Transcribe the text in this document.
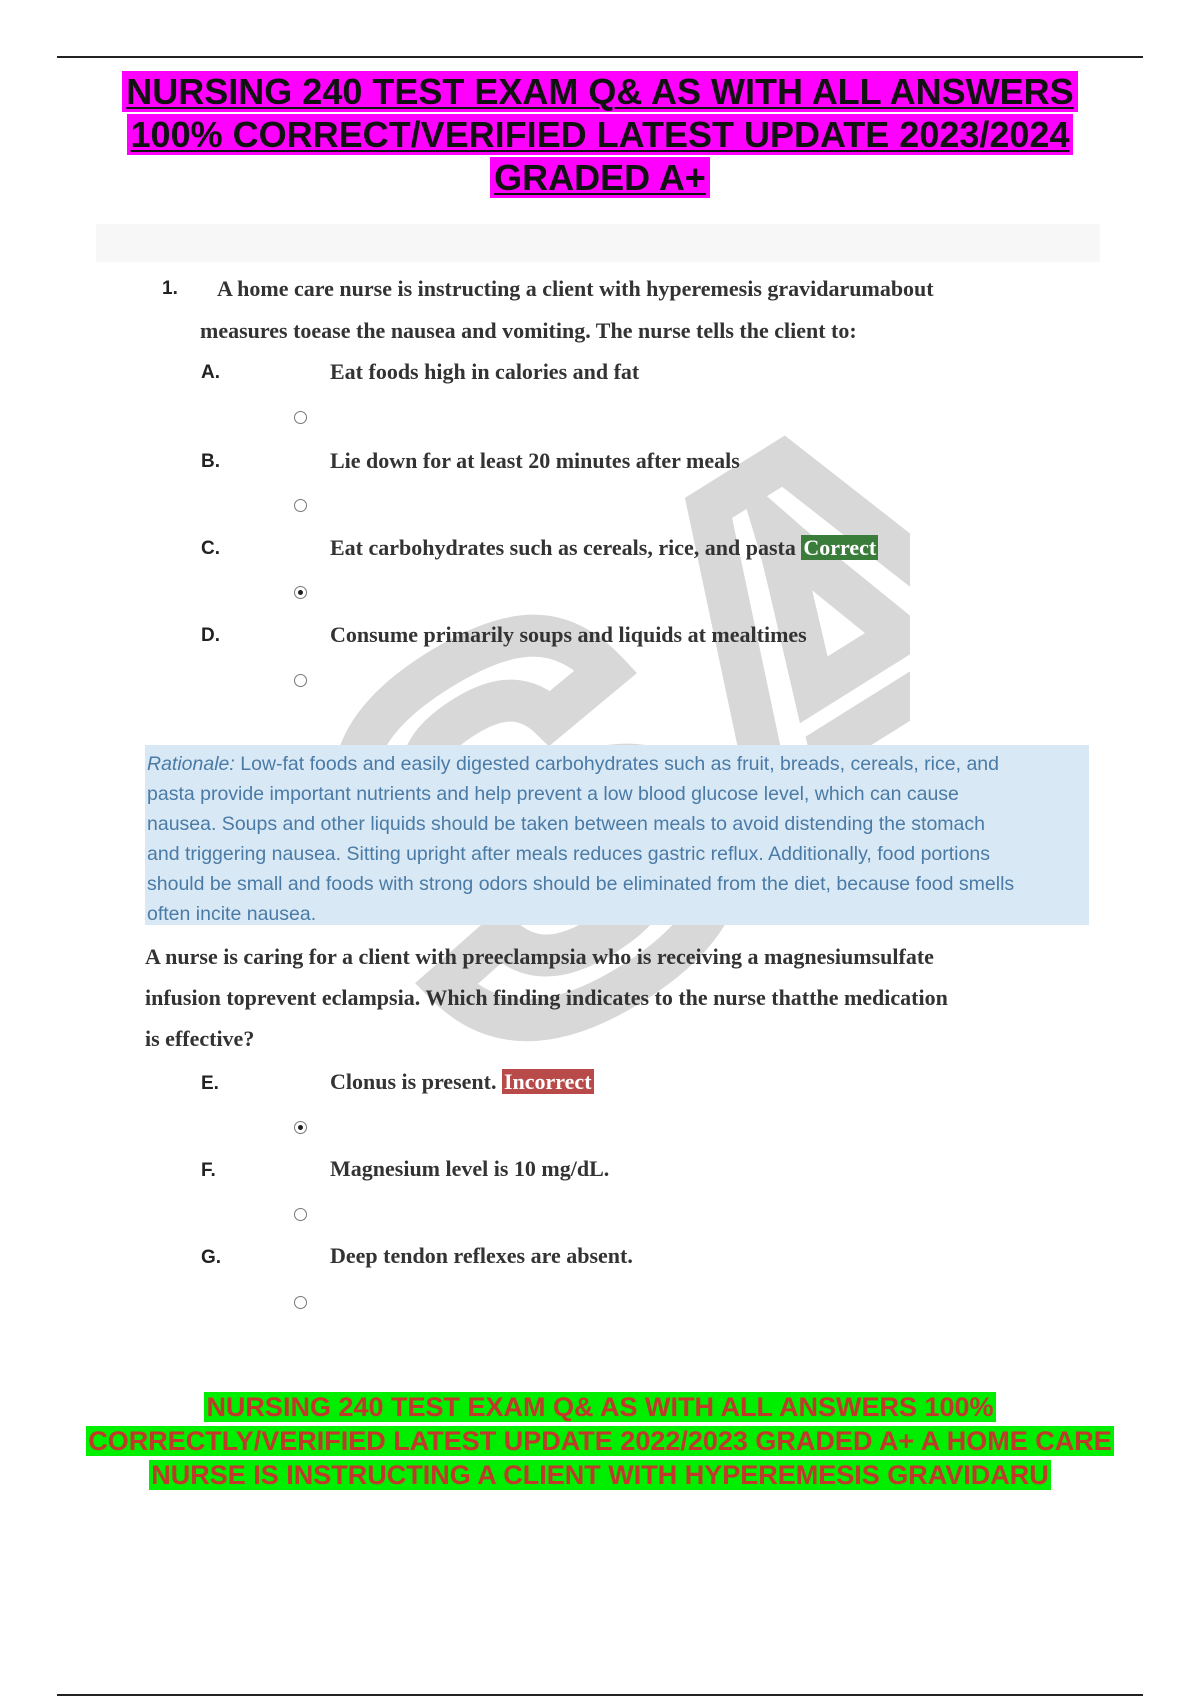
NURSING 240 TEST EXAM Q& AS WITH ALL ANSWERS 100% CORRECT/VERIFIED LATEST UPDATE 2023/2024 GRADED A+
1. A home care nurse is instructing a client with hyperemesis gravidarumabout
measures toease the nausea and vomiting. The nurse tells the client to:
A.	Eat foods high in calories and fat
B.	Lie down for at least 20 minutes after meals
C.	Eat carbohydrates such as cereals, rice, and pasta Correct
D.	Consume primarily soups and liquids at mealtimes
Rationale: Low-fat foods and easily digested carbohydrates such as fruit, breads, cereals, rice, and
pasta provide important nutrients and help prevent a low blood glucose level, which can cause
nausea. Soups and other liquids should be taken between meals to avoid distending the stomach
and triggering nausea. Sitting upright after meals reduces gastric reflux. Additionally, food portions
should be small and foods with strong odors should be eliminated from the diet, because food smells
often incite nausea.
A nurse is caring for a client with preeclampsia who is receiving a magnesiumsulfate
infusion toprevent eclampsia. Which finding indicates to the nurse thatthe medication
is effective?
E.	Clonus is present. Incorrect
F.	Magnesium level is 10 mg/dL.
G.	Deep tendon reflexes are absent.
NURSING 240 TEST EXAM Q& AS WITH ALL ANSWERS 100% CORRECTLY/VERIFIED LATEST UPDATE 2022/2023 GRADED A+ A HOME CARE NURSE IS INSTRUCTING A CLIENT WITH HYPEREMESIS GRAVIDARU
